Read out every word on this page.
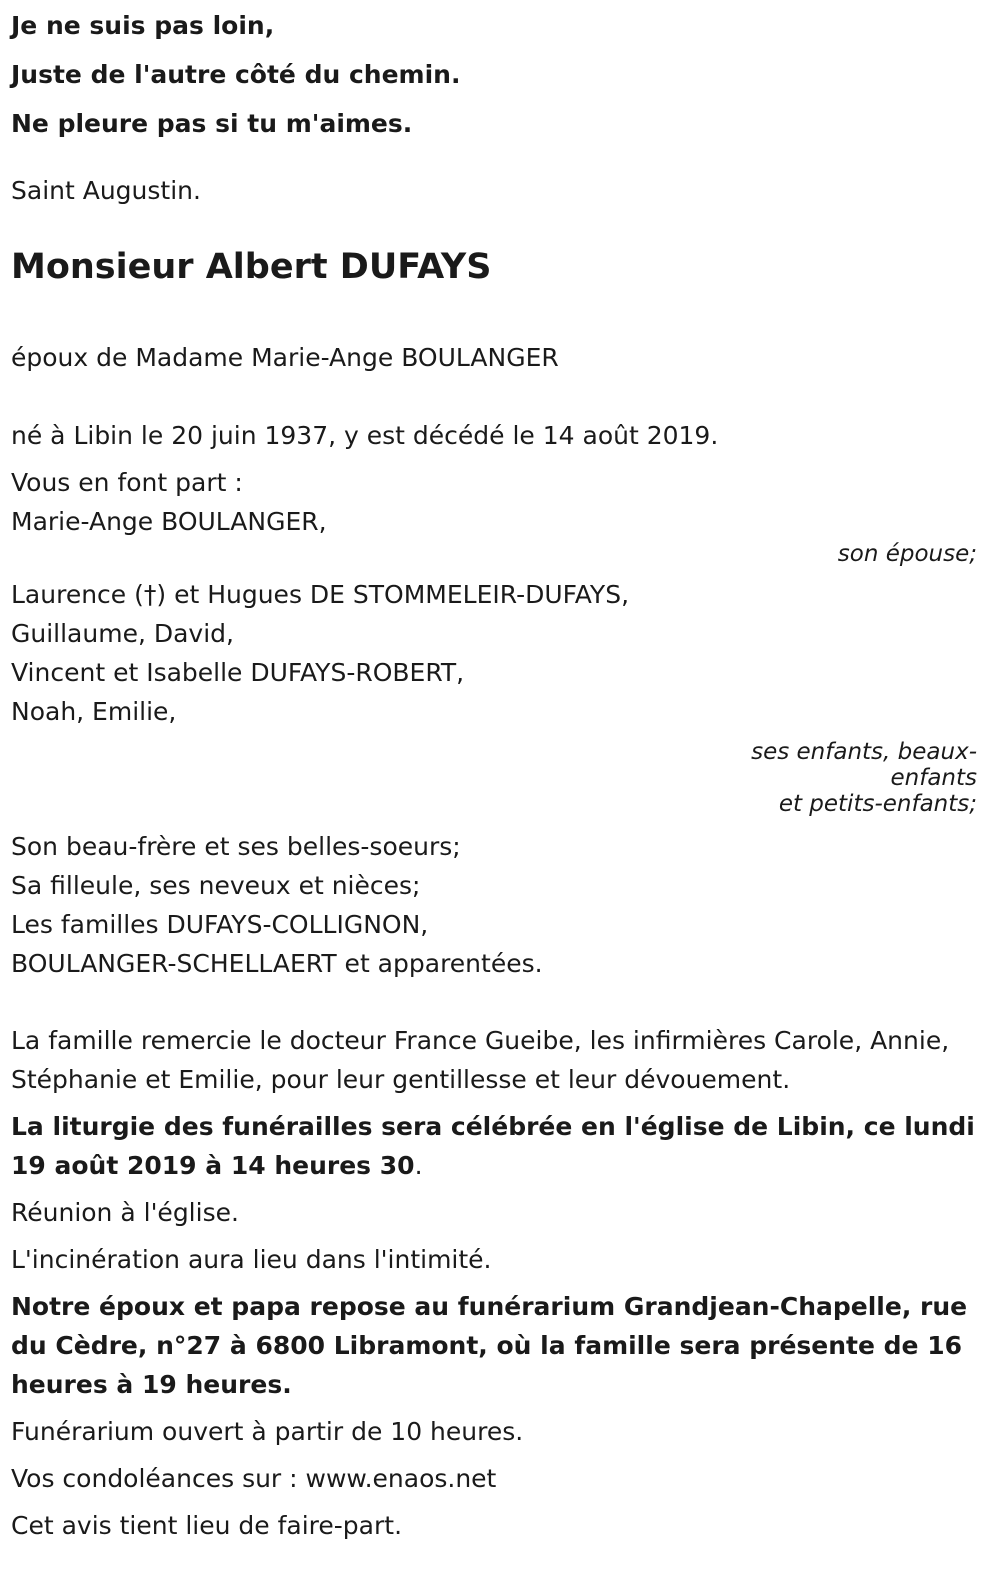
Je ne suis pas loin,

Juste de l'autre côté du chemin.

Ne pleure pas si tu m'aimes.

Saint Augustin.

Monsieur Albert DUFAYS

époux de Madame Marie-Ange BOULANGER

né à Libin le 20 juin 1937, y est décédé le 14 août 2019.

Vous en font part :

Marie-Ange BOULANGER,

son épouse;

Laurence (†) et Hugues DE STOMMELEIR-DUFAYS,

Guillaume, David,

Vincent et Isabelle DUFAYS-ROBERT,

Noah, Emilie,

ses enfants, beaux-
enfants
et petits-enfants;

Son beau-frère et ses belles-soeurs;

Sa filleule, ses neveux et nièces;

Les familles DUFAYS-COLLIGNON,

BOULANGER-SCHELLAERT et apparentées.

La famille remercie le docteur France Gueibe, les infirmières Carole, Annie, Stéphanie et Emilie, pour leur gentillesse et leur dévouement.

La liturgie des funérailles sera célébrée en l'église de Libin, ce lundi 19 août 2019 à 14 heures 30.

Réunion à l'église.

L'incinération aura lieu dans l'intimité.

Notre époux et papa repose au funérarium Grandjean-Chapelle, rue du Cèdre, n°27 à 6800 Libramont, où la famille sera présente de 16 heures à 19 heures.

Funérarium ouvert à partir de 10 heures.

Vos condoléances sur : www.enaos.net

Cet avis tient lieu de faire-part.
